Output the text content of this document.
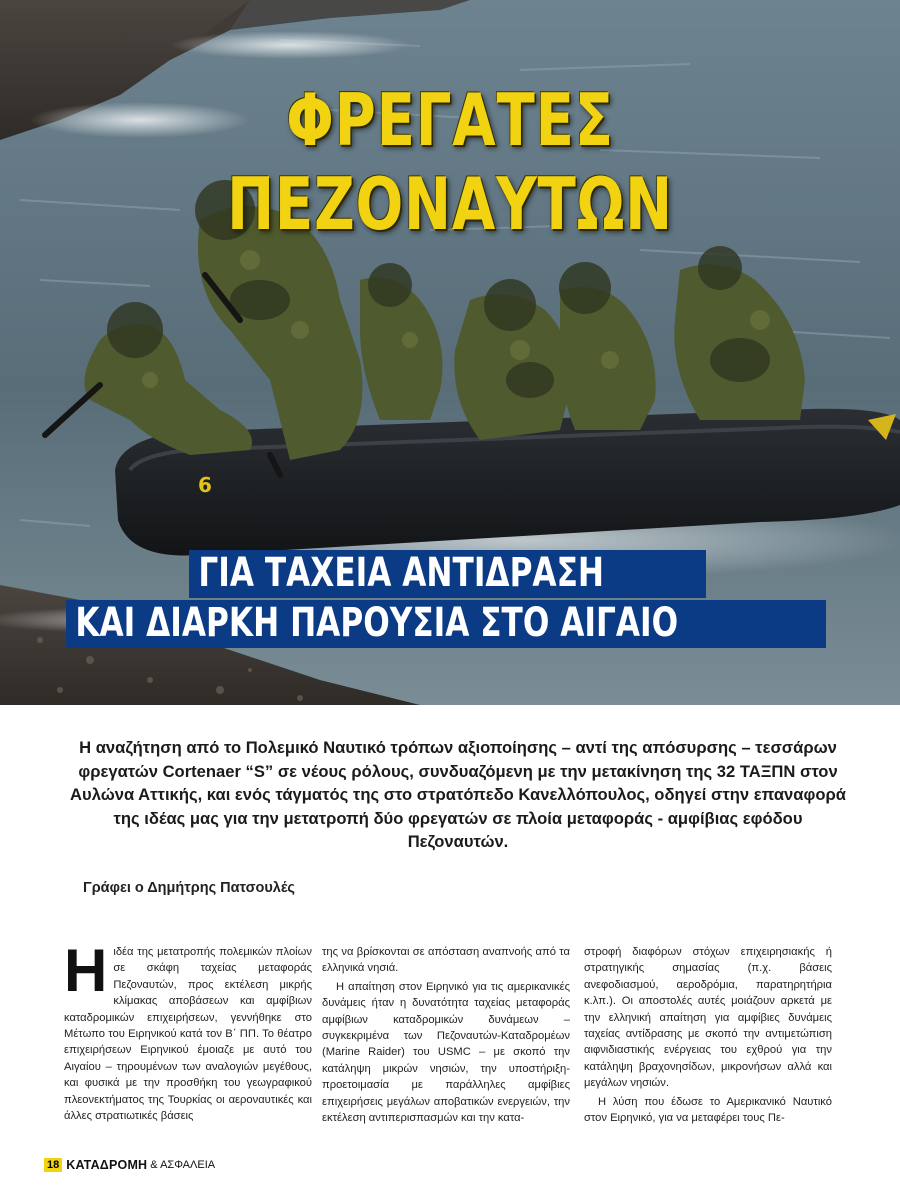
6
ΦΡΕΓΑΤΕΣ ΠΕΖΟΝΑΥΤΩΝ
ΓΙΑ ΤΑΧΕΙΑ ΑΝΤΙΔΡΑΣΗ
ΚΑΙ ΔΙΑΡΚΗ ΠΑΡΟΥΣΙΑ ΣΤΟ ΑΙΓΑΙΟ

Η αναζήτηση από το Πολεμικό Ναυτικό τρόπων αξιοποίησης – αντί της απόσυρσης – τεσσάρων φρεγατών Cortenaer “S” σε νέους ρόλους, συνδυαζόμενη με την μετακίνηση της 32 ΤΑΞΠΝ στον Αυλώνα Αττικής, και ενός τάγματός της στο στρατόπεδο Κανελλόπουλος, οδηγεί στην επαναφορά της ιδέας μας για την μετατροπή δύο φρεγατών σε πλοία μεταφοράς - αμφίβιας εφόδου Πεζοναυτών.

Γράφει ο Δημήτρης Πατσουλές

Η ιδέα της μετατροπής πολεμικών πλοίων σε σκάφη ταχείας μεταφοράς Πεζοναυτών, προς εκτέλεση μικρής κλίμακας αποβάσεων και αμφίβιων καταδρομικών επιχειρήσεων, γεννήθηκε στο Μέτωπο του Ειρηνικού κατά τον Β΄ ΠΠ. Το θέατρο επιχειρήσεων Ειρηνικού έμοιαζε με αυτό του Αιγαίου – τηρουμένων των αναλογιών μεγέθους, και φυσικά με την προσθήκη του γεωγραφικού πλεονεκτήματος της Τουρκίας οι αεροναυτικές και άλλες στρατιωτικές βάσεις

της να βρίσκονται σε απόσταση αναπνοής από τα ελληνικά νησιά.

Η απαίτηση στον Ειρηνικό για τις αμερικανικές δυνάμεις ήταν η δυνατότητα ταχείας μεταφοράς αμφίβιων καταδρομικών δυνάμεων – συγκεκριμένα των Πεζοναυτών-Καταδρομέων (Marine Raider) του USMC – με σκοπό την κατάληψη μικρών νησιών, την υποστήριξη-προετοιμασία με παράλληλες αμφίβιες επιχειρήσεις μεγάλων αποβατικών ενεργειών, την εκτέλεση αντιπερισπασμών και την κατα-

στροφή διαφόρων στόχων επιχειρησιακής ή στρατηγικής σημασίας (π.χ. βάσεις ανεφοδιασμού, αεροδρόμια, παρατηρητήρια κ.λπ.). Οι αποστολές αυτές μοιάζουν αρκετά με την ελληνική απαίτηση για αμφίβιες δυνάμεις ταχείας αντίδρασης με σκοπό την αντιμετώπιση αιφνιδιαστικής ενέργειας του εχθρού για την κατάληψη βραχονησίδων, μικρονήσων αλλά και μεγάλων νησιών.

Η λύση που έδωσε το Αμερικανικό Ναυτικό στον Ειρηνικό, για να μεταφέρει τους Πε-

18 ΚΑΤΑΔΡΟΜΗ & ΑΣΦΑΛΕΙΑ
